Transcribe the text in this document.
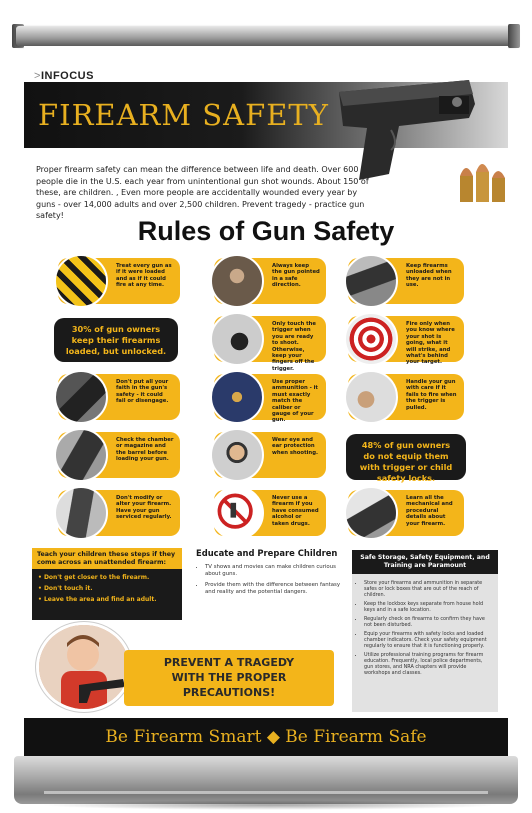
>INFOCUS
FIREARM SAFETY

Proper firearm safety can mean the difference between life and death. Over 600 people die in the U.S. each year from unintentional gun shot wounds. About 150 of these, are children. , Even more people are accidentally wounded every year by guns - over 14,000 adults and over 2,500 children. Prevent tragedy - practice gun safety!

Rules of Gun Safety
Treat every gun as if it were loaded and as if it could fire at any time.
Always keep the gun pointed in a safe direction.
Keep firearms unloaded when they are not in use.
30% of gun owners keep their firearms loaded, but unlocked.
Only touch the trigger when you are ready to shoot. Otherwise, keep your fingers off the trigger.
Fire only when you know where your shot is going, what it will strike, and what's behind your target.
Don't put all your faith in the gun's safety - it could fail or disengage.
Use proper ammunition - it must exactly match the caliber or gauge of your gun.
Handle your gun with care if it fails to fire when the trigger is pulled.
Check the chamber or magazine and the barrel before loading your gun.
Wear eye and ear protection when shooting.
48% of gun owners do not equip them with trigger or child safety locks.
Don't modify or alter your firearm. Have your gun serviced regularly.
Never use a firearm if you have consumed alcohol or taken drugs.
Learn all the mechanical and procedural details about your firearm.
Teach your children these steps if they come across an unattended firearm:
• Don't get closer to the firearm.
• Don't touch it.
• Leave the area and find an adult.
Educate and Prepare Children
• TV shows and movies can make children curious about guns.
• Provide them with the difference between fantasy and reality and the potential dangers.
Safe Storage, Safety Equipment, and Training are Paramount
• Store your firearms and ammunition in separate safes or lock boxes that are out of the reach of children.
• Keep the lockbox keys separate from house hold keys and in a safe location.
• Regularly check on firearms to confirm they have not been disturbed.
• Equip your firearms with safety locks and loaded chamber indicators. Check your safety equipment regularly to ensure that it is functioning properly.
• Utilize professional training programs for firearm education. Frequently, local police departments, gun stores, and NRA chapters will provide workshops and classes.
PREVENT A TRAGEDY
WITH THE PROPER
PRECAUTIONS!
Be Firearm Smart ◆ Be Firearm Safe
